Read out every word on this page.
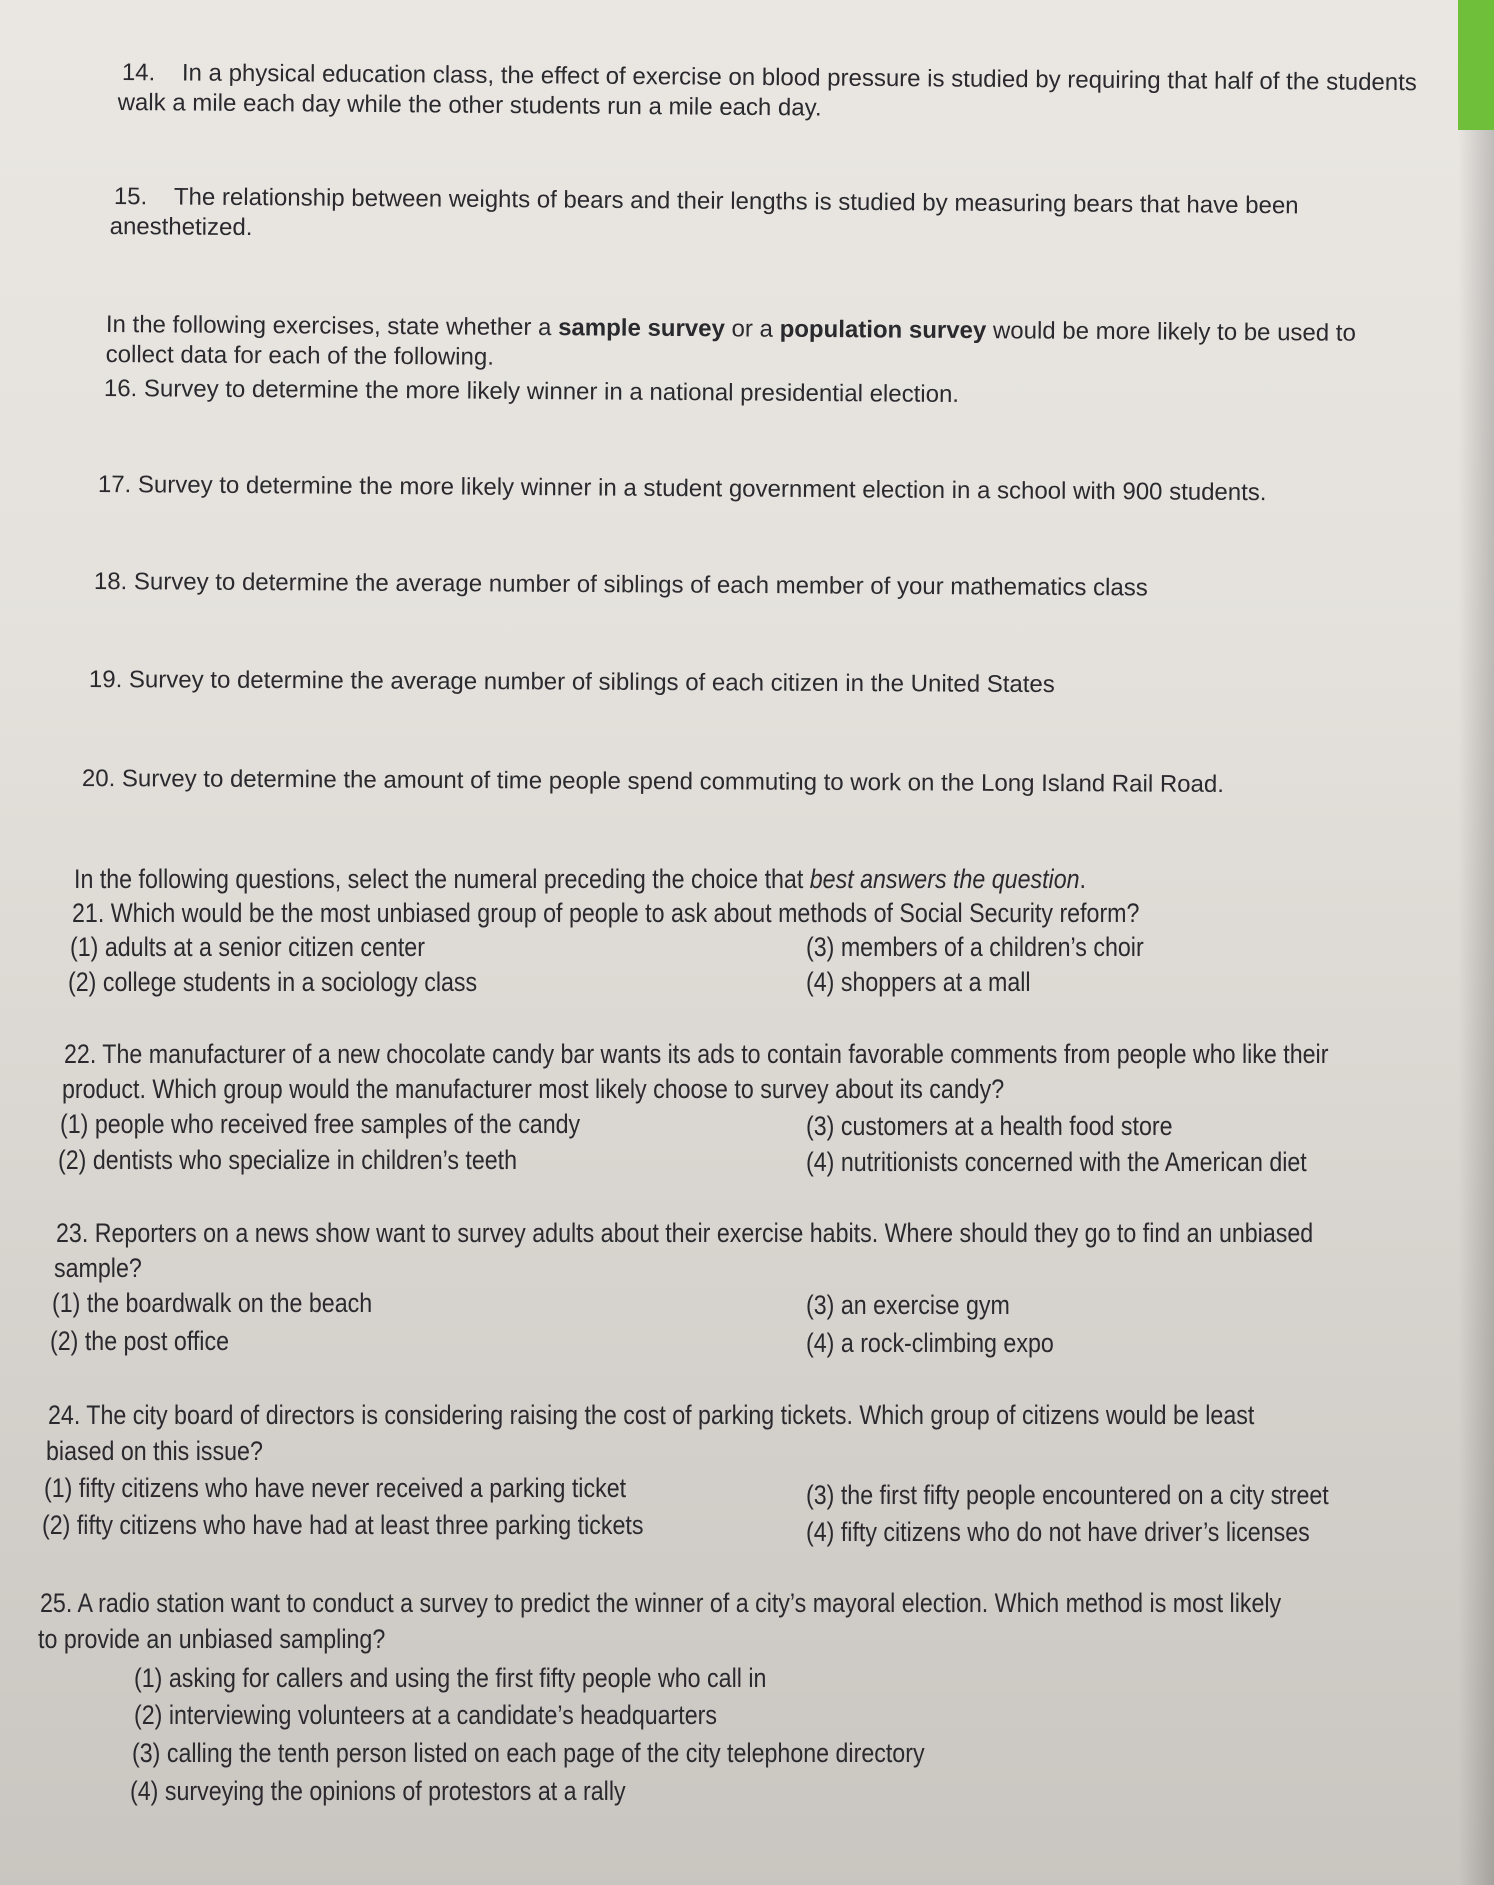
14. In a physical education class, the effect of exercise on blood pressure is studied by requiring that half of the students
walk a mile each day while the other students run a mile each day.
15. The relationship between weights of bears and their lengths is studied by measuring bears that have been
anesthetized.
In the following exercises, state whether a sample survey or a population survey would be more likely to be used to
collect data for each of the following.
16. Survey to determine the more likely winner in a national presidential election.
17. Survey to determine the more likely winner in a student government election in a school with 900 students.
18. Survey to determine the average number of siblings of each member of your mathematics class
19. Survey to determine the average number of siblings of each citizen in the United States
20. Survey to determine the amount of time people spend commuting to work on the Long Island Rail Road.
In the following questions, select the numeral preceding the choice that best answers the question.
21. Which would be the most unbiased group of people to ask about methods of Social Security reform?
(1) adults at a senior citizen center
(2) college students in a sociology class
(3) members of a children’s choir
(4) shoppers at a mall
22. The manufacturer of a new chocolate candy bar wants its ads to contain favorable comments from people who like their
product. Which group would the manufacturer most likely choose to survey about its candy?
(1) people who received free samples of the candy
(2) dentists who specialize in children’s teeth
(3) customers at a health food store
(4) nutritionists concerned with the American diet
23. Reporters on a news show want to survey adults about their exercise habits. Where should they go to find an unbiased
sample?
(1) the boardwalk on the beach
(2) the post office
(3) an exercise gym
(4) a rock-climbing expo
24. The city board of directors is considering raising the cost of parking tickets. Which group of citizens would be least
biased on this issue?
(1) fifty citizens who have never received a parking ticket
(2) fifty citizens who have had at least three parking tickets
(3) the first fifty people encountered on a city street
(4) fifty citizens who do not have driver’s licenses
25. A radio station want to conduct a survey to predict the winner of a city’s mayoral election. Which method is most likely
to provide an unbiased sampling?
(1) asking for callers and using the first fifty people who call in
(2) interviewing volunteers at a candidate’s headquarters
(3) calling the tenth person listed on each page of the city telephone directory
(4) surveying the opinions of protestors at a rally
